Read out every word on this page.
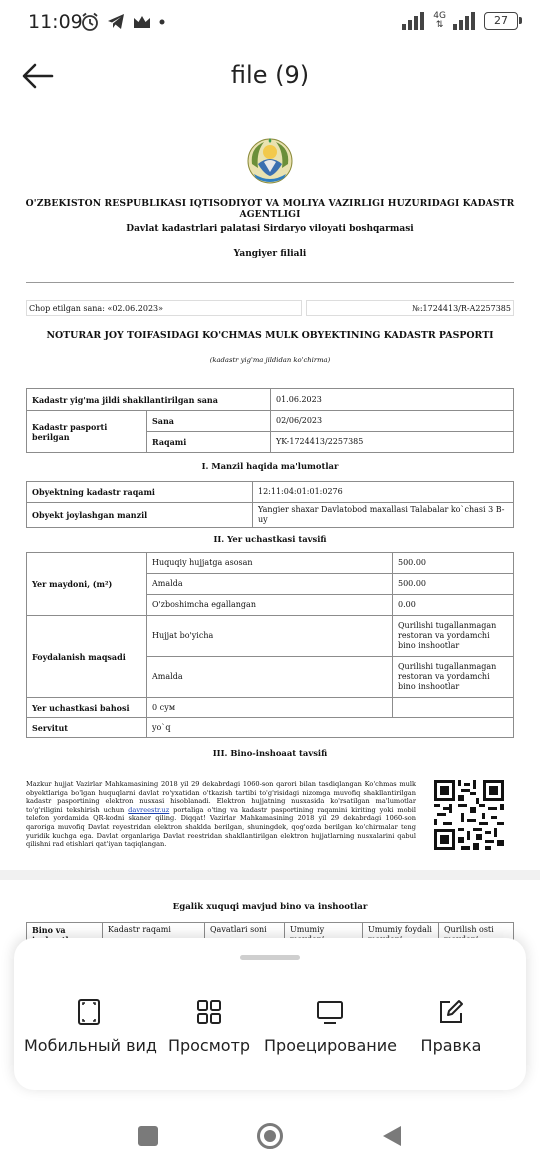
11:09	4G
⇅	27
file (9)
O'ZBEKISTON RESPUBLIKASI IQTISODIYOT VA MOLIYA VAZIRLIGI HUZURIDAGI KADASTR AGENTLIGI
Davlat kadastrlari palatasi Sirdaryo viloyati boshqarmasi
Yangiyer filiali
Chop etilgan sana: «02.06.2023»	№:1724413/R-A2257385
NOTURAR JOY TOIFASIDAGI KO'CHMAS MULK OBYEKTINING KADASTR PASPORTI
(kadastr yig'ma jildidan ko'chirma)
Kadastr yig'ma jildi shakllantirilgan sana		01.06.2023
Kadastr pasporti berilgan	Sana	02/06/2023
	Raqami	YK-1724413/2257385
I. Manzil haqida ma'lumotlar
Obyektning kadastr raqami	12:11:04:01:01:0276
Obyekt joylashgan manzil	Yangier shaxar Davlatobod maxallasi Talabalar ko`chasi 3 B-uy
II. Yer uchastkasi tavsifi
Yer maydoni, (m²)	Huquqiy hujjatga asosan	500.00
	Amalda	500.00
	O'zboshimcha egallangan	0.00
Foydalanish maqsadi	Hujjat bo'yicha	Qurilishi tugallanmagan restoran va yordamchi bino inshootlar
	Amalda	Qurilishi tugallanmagan restoran va yordamchi bino inshootlar
Yer uchastkasi bahosi	0 сум	
Servitut	yo`q	
III. Bino-inshoaat tavsifi
Mazkur hujjat Vazirlar Mahkamasining 2018 yil 29 dekabrdagi 1060-son qarori bilan tasdiqlangan Ko'chmas mulk obyektlariga bo'lgan huquqlarni davlat ro'yxatidan o'tkazish tartibi to'g'risidagi nizomga muvofiq shakllantirilgan kadastr pasportining elektron nusxasi hisoblanadi. Elektron hujjatning nusxasida ko'rsatilgan ma'lumotlar to'g'riligini tekshirish uchun davreestr.uz portaliga o'ting va kadastr pasportining raqamini kiriting yoki mobil telefon yordamida QR-kodni skaner qiling. Diqqat! Vazirlar Mahkamasining 2018 yil 29 dekabrdagi 1060-son qaroriga muvofiq Davlat reyestridan elektron shaklda berilgan, shuningdek, qog'ozda berilgan ko'chirmalar teng yuridik kuchga ega. Davlat organlariga Davlat reestridan shakllantirilgan elektron hujjatlarning nusxalarini qabul qilishni rad etishlari qat'iyan taqiqlangan.
Egalik xuquqi mavjud bino va inshootlar
Bino va	Kadastr raqami	Qavatlari soni	Umumiy	Umumiy foydali	Qurilish osti
Мобильный вид Просмотр Проецирование	Правка
